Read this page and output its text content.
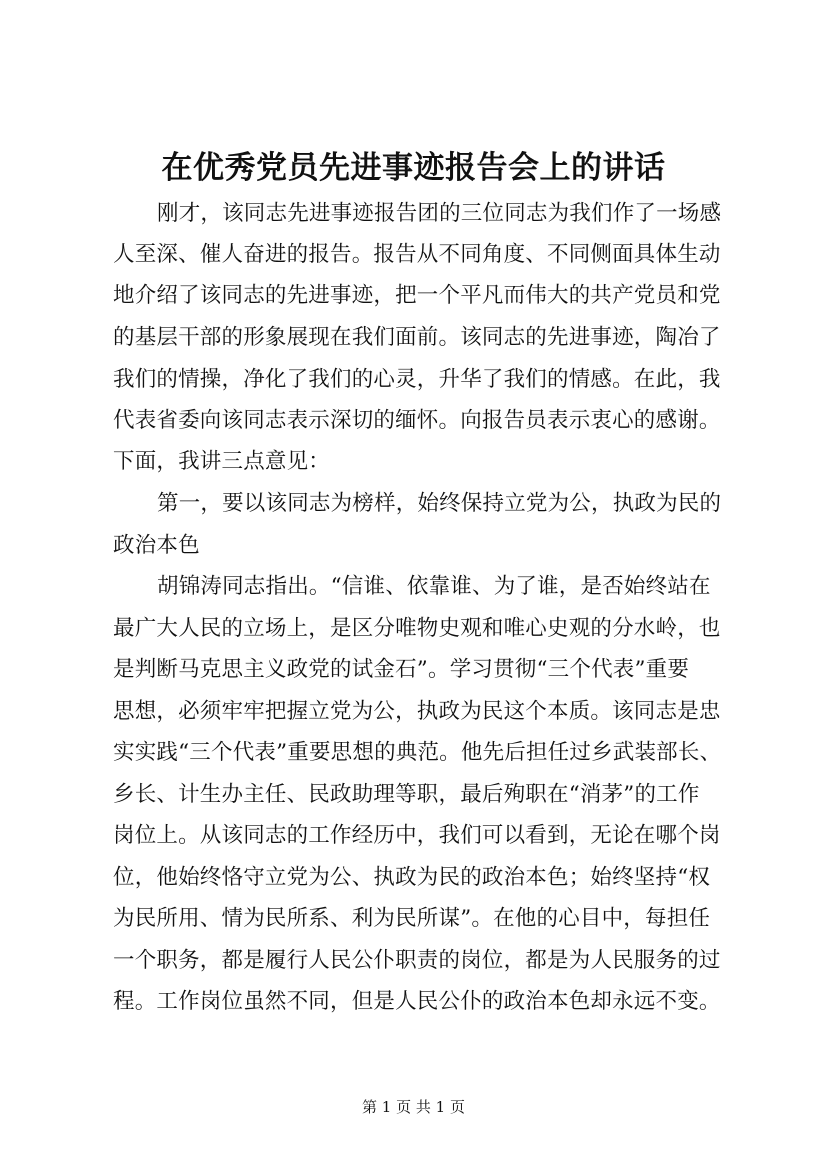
在优秀党员先进事迹报告会上的讲话
刚才，该同志先进事迹报告团的三位同志为我们作了一场感
人至深、催人奋进的报告。报告从不同角度、不同侧面具体生动
地介绍了该同志的先进事迹，把一个平凡而伟大的共产党员和党
的基层干部的形象展现在我们面前。该同志的先进事迹，陶冶了
我们的情操，净化了我们的心灵，升华了我们的情感。在此，我
代表省委向该同志表示深切的缅怀。向报告员表示衷心的感谢。
下面，我讲三点意见：
第一，要以该同志为榜样，始终保持立党为公，执政为民的
政治本色
胡锦涛同志指出。“信谁、依靠谁、为了谁，是否始终站在
最广大人民的立场上，是区分唯物史观和唯心史观的分水岭，也
是判断马克思主义政党的试金石”。学习贯彻“三个代表”重要
思想，必须牢牢把握立党为公，执政为民这个本质。该同志是忠
实实践“三个代表”重要思想的典范。他先后担任过乡武装部长、
乡长、计生办主任、民政助理等职，最后殉职在“消茅”的工作
岗位上。从该同志的工作经历中，我们可以看到，无论在哪个岗
位，他始终恪守立党为公、执政为民的政治本色；始终坚持“权
为民所用、情为民所系、利为民所谋”。在他的心目中，每担任
一个职务，都是履行人民公仆职责的岗位，都是为人民服务的过
程。工作岗位虽然不同，但是人民公仆的政治本色却永远不变。
第 1 页 共 1 页
